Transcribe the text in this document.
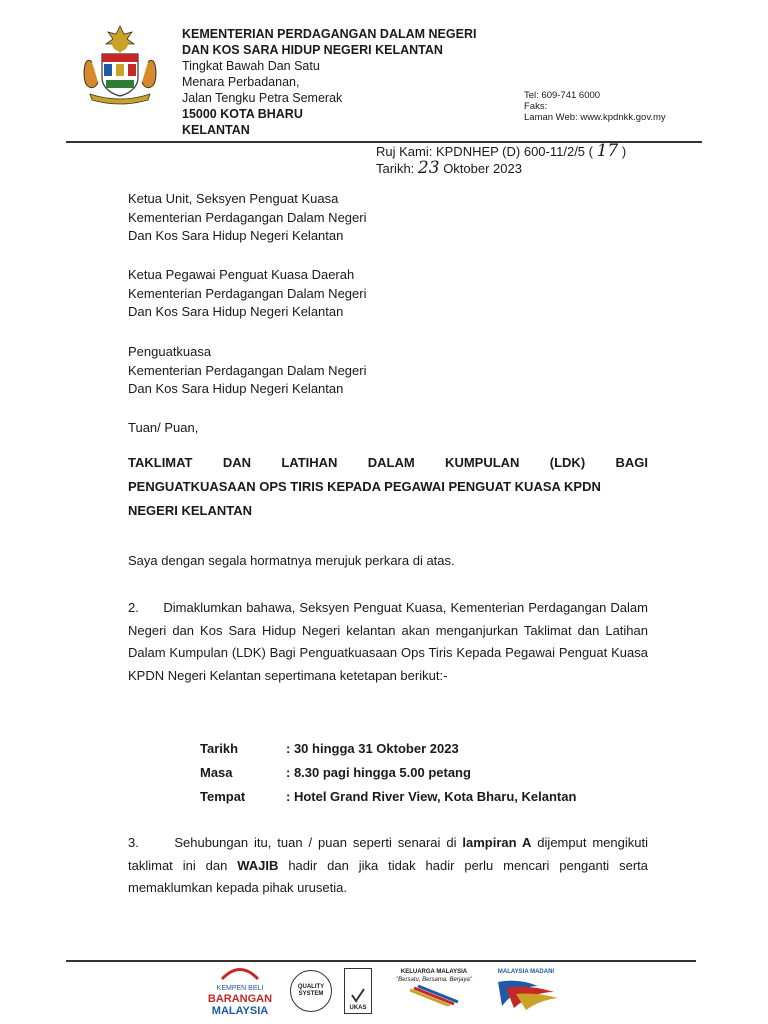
KEMENTERIAN PERDAGANGAN DALAM NEGERI
DAN KOS SARA HIDUP NEGERI KELANTAN
Tingkat Bawah Dan Satu
Menara Perbadanan,
Jalan Tengku Petra Semerak
15000 KOTA BHARU
KELANTAN
Tel: 609-741 6000
Faks:
Laman Web: www.kpdnkk.gov.my
Ruj Kami: KPDNHEP (D) 600-11/2/5 ( 17 )
Tarikh: 23 Oktober 2023
Ketua Unit, Seksyen Penguat Kuasa
Kementerian Perdagangan Dalam Negeri
Dan Kos Sara Hidup Negeri Kelantan
Ketua Pegawai Penguat Kuasa Daerah
Kementerian Perdagangan Dalam Negeri
Dan Kos Sara Hidup Negeri Kelantan
Penguatkuasa
Kementerian Perdagangan Dalam Negeri
Dan Kos Sara Hidup Negeri Kelantan
Tuan/ Puan,
TAKLIMAT DAN LATIHAN DALAM KUMPULAN (LDK) BAGI
PENGUATKUASAAN OPS TIRIS KEPADA PEGAWAI PENGUAT KUASA KPDN
NEGERI KELANTAN
Saya dengan segala hormatnya merujuk perkara di atas.
2.      Dimaklumkan bahawa, Seksyen Penguat Kuasa, Kementerian Perdagangan Dalam Negeri dan Kos Sara Hidup Negeri kelantan akan menganjurkan Taklimat dan Latihan Dalam Kumpulan (LDK) Bagi Penguatkuasaan Ops Tiris Kepada Pegawai Penguat Kuasa KPDN Negeri Kelantan sepertimana ketetapan berikut:-
Tarikh	: 30 hingga 31 Oktober 2023
Masa	: 8.30 pagi hingga 5.00 petang
Tempat	: Hotel Grand River View, Kota Bharu, Kelantan
3.      Sehubungan itu, tuan / puan seperti senarai di lampiran A dijemput mengikuti taklimat ini dan WAJIB hadir dan jika tidak hadir perlu mencari penganti serta memaklumkan kepada pihak urusetia.
KEMPEN BELI
BARANGAN
MALAYSIA
QUALITY SYSTEM
UKAS
KELUARGA MALAYSIA
"Bersatu, Bersama, Berjaya"
MALAYSIA MADANI
